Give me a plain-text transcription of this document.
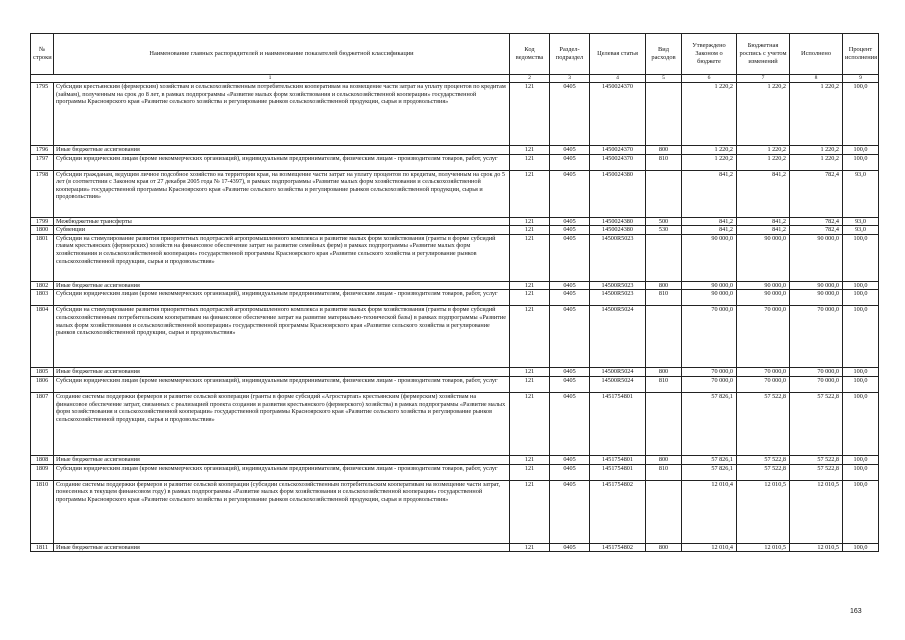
№ строки	Наименование главных распорядителей и наименование показателей бюджетной классификации	Код ведомства	Раздел-подраздел	Целевая статья	Вид расходов	Утверждено Законом о бюджете	Бюджетная роспись с учетом изменений	Исполнено	Процент исполнения
1		2	3	4	5	6	7	8	9
1795	Субсидии крестьянским (фермерским) хозяйствам и сельскохозяйственным потребительским кооперативам на возмещение части затрат на уплату процентов по кредитам (займам), полученным на срок до 8 лет, в рамках подпрограммы «Развитие малых форм хозяйствования и сельскохозяйственной кооперации» государственной программы Красноярского края «Развитие сельского хозяйства и регулирование рынков сельскохозяйственной продукции, сырья и продовольствия»	121	0405	1450024370		1 220,2	1 220,2	1 220,2	100,0
1796	Иные бюджетные ассигнования	121	0405	1450024370	800	1 220,2	1 220,2	1 220,2	100,0
1797	Субсидии юридическим лицам (кроме некоммерческих организаций), индивидуальным предпринимателям, физическим лицам - производителям товаров, работ, услуг	121	0405	1450024370	810	1 220,2	1 220,2	1 220,2	100,0
1798	Субсидии гражданам, ведущим личное подсобное хозяйство на территории края, на возмещение части затрат на уплату процентов по кредитам, полученным на срок до 5 лет (в соответствии с Законом края от 27 декабря 2005 года № 17-4397), в рамках подпрограммы «Развитие малых форм хозяйствования и сельскохозяйственной кооперации» государственной программы Красноярского края «Развитие сельского хозяйства и регулирование рынков сельскохозяйственной продукции, сырья и продовольствия»	121	0405	1450024380		841,2	841,2	782,4	93,0
1799	Межбюджетные трансферты	121	0405	1450024380	500	841,2	841,2	782,4	93,0
1800	Субвенции	121	0405	1450024380	530	841,2	841,2	782,4	93,0
1801	Субсидии на стимулирование развития приоритетных подотраслей агропромышленного комплекса и развитие малых форм хозяйствования (гранты в форме субсидий главам крестьянских (фермерских) хозяйств на финансовое обеспечение затрат на развитие семейных ферм) в рамках подпрограммы «Развитие малых форм хозяйствования и сельскохозяйственной кооперации» государственной программы Красноярского края «Развитие сельского хозяйства и регулирование рынков сельскохозяйственной продукции, сырья и продовольствия»	121	0405	14500R5023		90 000,0	90 000,0	90 000,0	100,0
1802	Иные бюджетные ассигнования	121	0405	14500R5023	800	90 000,0	90 000,0	90 000,0	100,0
1803	Субсидии юридическим лицам (кроме некоммерческих организаций), индивидуальным предпринимателям, физическим лицам - производителям товаров, работ, услуг	121	0405	14500R5023	810	90 000,0	90 000,0	90 000,0	100,0
1804	Субсидии на стимулирование развития приоритетных подотраслей агропромышленного комплекса и развитие малых форм хозяйствования (гранты в форме субсидий сельскохозяйственным потребительским кооперативам на финансовое обеспечение затрат на развитие материально-технической базы) в рамках подпрограммы «Развитие малых форм хозяйствования и сельскохозяйственной кооперации» государственной программы Красноярского края «Развитие сельского хозяйства и регулирование рынков сельскохозяйственной продукции, сырья и продовольствия»	121	0405	14500R5024		70 000,0	70 000,0	70 000,0	100,0
1805	Иные бюджетные ассигнования	121	0405	14500R5024	800	70 000,0	70 000,0	70 000,0	100,0
1806	Субсидии юридическим лицам (кроме некоммерческих организаций), индивидуальным предпринимателям, физическим лицам - производителям товаров, работ, услуг	121	0405	14500R5024	810	70 000,0	70 000,0	70 000,0	100,0
1807	Создание системы поддержки фермеров и развитие сельской кооперации (гранты в форме субсидий «Агростартап» крестьянским (фермерским) хозяйствам на финансовое обеспечение затрат, связанных с реализацией проекта создания и развития крестьянского (фермерского) хозяйства) в рамках подпрограммы «Развитие малых форм хозяйствования и сельскохозяйственной кооперации» государственной программы Красноярского края «Развитие сельского хозяйства и регулирование рынков сельскохозяйственной продукции, сырья и продовольствия»	121	0405	1451754801		57 826,1	57 522,8	57 522,8	100,0
1808	Иные бюджетные ассигнования	121	0405	1451754801	800	57 826,1	57 522,8	57 522,8	100,0
1809	Субсидии юридическим лицам (кроме некоммерческих организаций), индивидуальным предпринимателям, физическим лицам - производителям товаров, работ, услуг	121	0405	1451754801	810	57 826,1	57 522,8	57 522,8	100,0
1810	Создание системы поддержки фермеров и развитие сельской кооперации (субсидии сельскохозяйственным потребительским кооперативам на возмещение части затрат, понесенных в текущем финансовом году) в рамках подпрограммы «Развитие малых форм хозяйствования и сельскохозяйственной кооперации» государственной программы Красноярского края «Развитие сельского хозяйства и регулирование рынков сельскохозяйственной продукции, сырья и продовольствия»	121	0405	1451754802		12 010,4	12 010,5	12 010,5	100,0
1811	Иные бюджетные ассигнования	121	0405	1451754802	800	12 010,4	12 010,5	12 010,5	100,0
163
